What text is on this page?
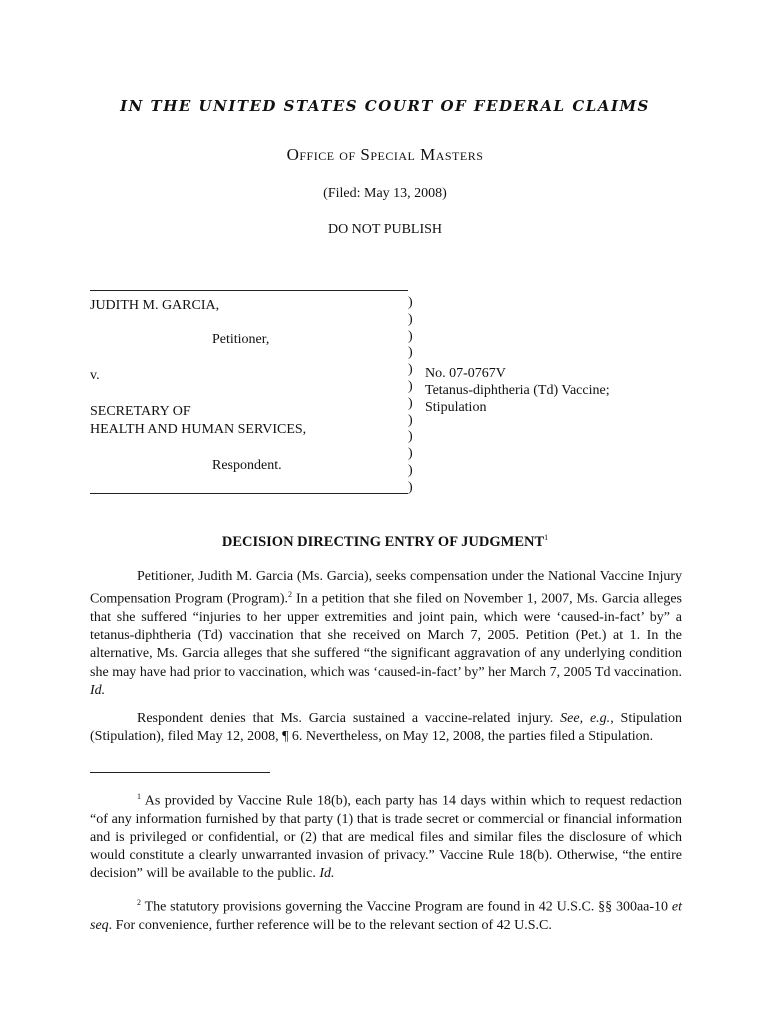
IN THE UNITED STATES COURT OF FEDERAL CLAIMS
Office of Special Masters
(Filed: May 13, 2008)
DO NOT PUBLISH
JUDITH M. GARCIA,
Petitioner,
v.
SECRETARY OF
HEALTH AND HUMAN SERVICES,
Respondent.
)
)
)
)
)
)
)
)
)
)
)
)
No. 07-0767V
Tetanus-diphtheria (Td) Vaccine;
Stipulation
DECISION DIRECTING ENTRY OF JUDGMENT$^1$

Petitioner, Judith M. Garcia (Ms. Garcia), seeks compensation under the National Vaccine Injury Compensation Program (Program).$^2$ In a petition that she filed on November 1, 2007, Ms. Garcia alleges that she suffered “injuries to her upper extremities and joint pain, which were ‘caused-in-fact’ by” a tetanus-diphtheria (Td) vaccination that she received on March 7, 2005. Petition (Pet.) at 1. In the alternative, Ms. Garcia alleges that she suffered “the significant aggravation of any underlying condition she may have had prior to vaccination, which was ‘caused-in-fact’ by” her March 7, 2005 Td vaccination. Id.

Respondent denies that Ms. Garcia sustained a vaccine-related injury. See, e.g., Stipulation (Stipulation), filed May 12, 2008, ¶ 6. Nevertheless, on May 12, 2008, the parties filed a Stipulation.

$^1$ As provided by Vaccine Rule 18(b), each party has 14 days within which to request redaction “of any information furnished by that party (1) that is trade secret or commercial or financial information and is privileged or confidential, or (2) that are medical files and similar files the disclosure of which would constitute a clearly unwarranted invasion of privacy.” Vaccine Rule 18(b). Otherwise, “the entire decision” will be available to the public. Id.

$^2$ The statutory provisions governing the Vaccine Program are found in 42 U.S.C. §§ 300aa-10 et seq. For convenience, further reference will be to the relevant section of 42 U.S.C.
